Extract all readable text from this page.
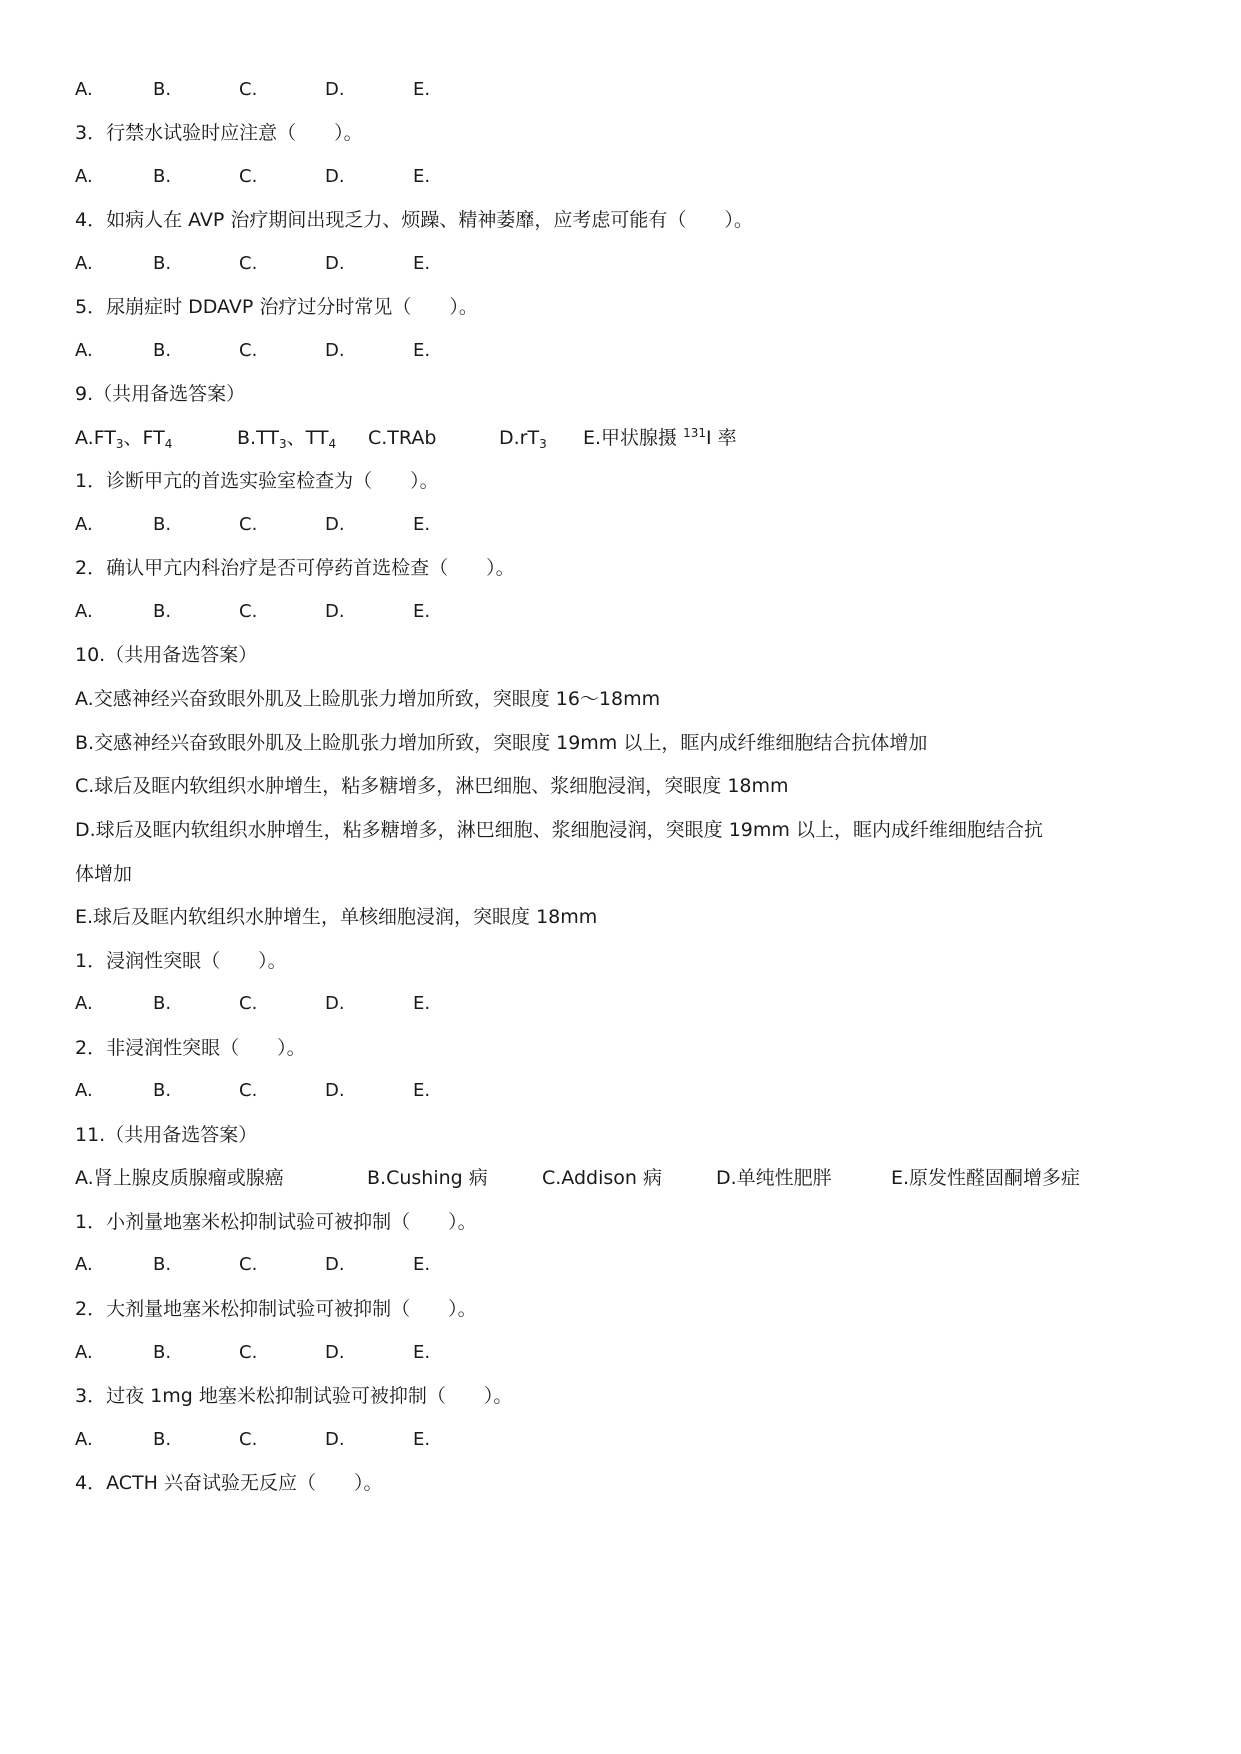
A.	B.	C.	D.	E.
3．行禁水试验时应注意（　　）。
A.	B.	C.	D.	E.
4．如病人在 AVP 治疗期间出现乏力、烦躁、精神萎靡，应考虑可能有（　　）。
A.	B.	C.	D.	E.
5．尿崩症时 DDAVP 治疗过分时常见（　　）。
A.	B.	C.	D.	E.
9.（共用备选答案）
$A.FT_3$、$FT_4$	$B.TT_3$、$TT_4$ C.TRAb	$D.rT_3$ E.甲状腺摄 $^{131}$I 率
1．诊断甲亢的首选实验室检查为（　　）。
A.	B.	C.	D.	E.
2．确认甲亢内科治疗是否可停药首选检查（　　）。
A.	B.	C.	D.	E.
10.（共用备选答案）
A.交感神经兴奋致眼外肌及上睑肌张力增加所致，突眼度 16～18mm
B.交感神经兴奋致眼外肌及上睑肌张力增加所致，突眼度 19mm 以上，眶内成纤维细胞结合抗体增加
C.球后及眶内软组织水肿增生，粘多糖增多，淋巴细胞、浆细胞浸润，突眼度 18mm
D.球后及眶内软组织水肿增生，粘多糖增多，淋巴细胞、浆细胞浸润，突眼度 19mm 以上，眶内成纤维细胞结合抗
体增加
E.球后及眶内软组织水肿增生，单核细胞浸润，突眼度 18mm
1．浸润性突眼（　　）。
A.	B.	C.	D.	E.
2．非浸润性突眼（　　）。
A.	B.	C.	D.	E.
11.（共用备选答案）
A.肾上腺皮质腺瘤或腺癌	B.Cushing 病	C.Addison 病	D.单纯性肥胖	E.原发性醛固酮增多症
1．小剂量地塞米松抑制试验可被抑制（　　）。
A.	B.	C.	D.	E.
2．大剂量地塞米松抑制试验可被抑制（　　）。
A.	B.	C.	D.	E.
3．过夜 1mg 地塞米松抑制试验可被抑制（　　）。
A.	B.	C.	D.	E.
4．ACTH 兴奋试验无反应（　　）。
